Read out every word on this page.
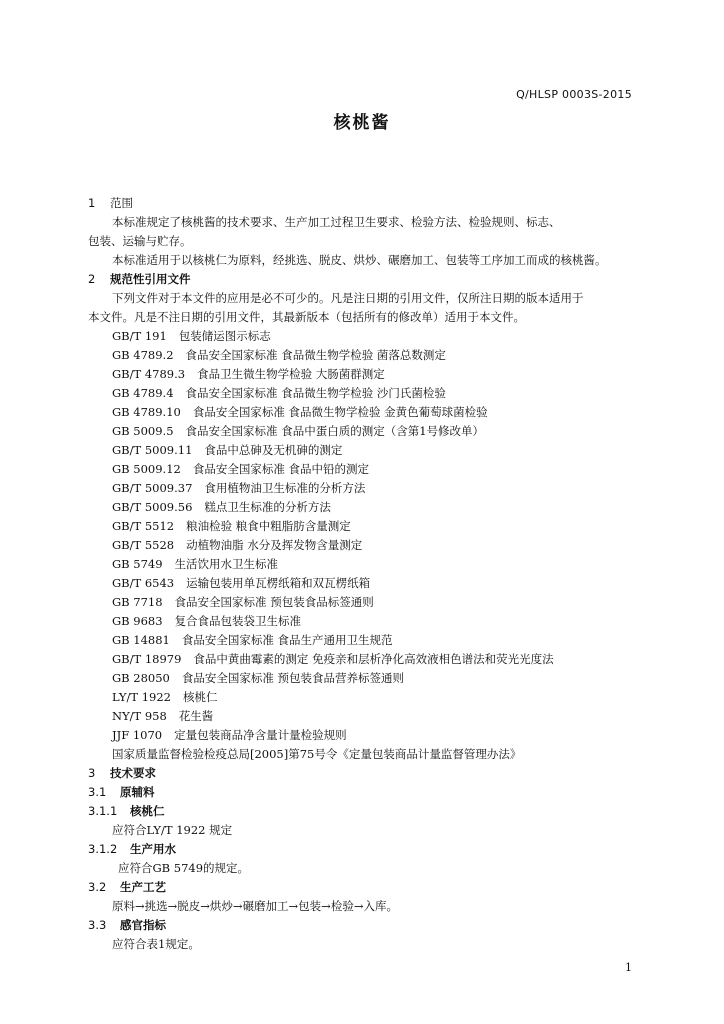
Q/HLSP 0003S-2015
核桃酱
1 范围
本标准规定了核桃酱的技术要求、生产加工过程卫生要求、检验方法、检验规则、标志、
包装、运输与贮存。
本标准适用于以核桃仁为原料，经挑选、脱皮、烘炒、碾磨加工、包装等工序加工而成的核桃酱。
2 规范性引用文件
下列文件对于本文件的应用是必不可少的。凡是注日期的引用文件，仅所注日期的版本适用于
本文件。凡是不注日期的引用文件，其最新版本（包括所有的修改单）适用于本文件。
GB/T 191 包装储运图示标志
GB 4789.2 食品安全国家标准 食品微生物学检验 菌落总数测定
GB/T 4789.3 食品卫生微生物学检验 大肠菌群测定
GB 4789.4 食品安全国家标准 食品微生物学检验 沙门氏菌检验
GB 4789.10 食品安全国家标准 食品微生物学检验 金黄色葡萄球菌检验
GB 5009.5 食品安全国家标准 食品中蛋白质的测定（含第1号修改单）
GB/T 5009.11 食品中总砷及无机砷的测定
GB 5009.12 食品安全国家标准 食品中铅的测定
GB/T 5009.37 食用植物油卫生标准的分析方法
GB/T 5009.56 糕点卫生标准的分析方法
GB/T 5512 粮油检验 粮食中粗脂肪含量测定
GB/T 5528 动植物油脂 水分及挥发物含量测定
GB 5749 生活饮用水卫生标准
GB/T 6543 运输包装用单瓦楞纸箱和双瓦楞纸箱
GB 7718 食品安全国家标准 预包装食品标签通则
GB 9683 复合食品包装袋卫生标准
GB 14881 食品安全国家标准 食品生产通用卫生规范
GB/T 18979 食品中黄曲霉素的测定 免疫亲和层析净化高效液相色谱法和荧光光度法
GB 28050 食品安全国家标准 预包装食品营养标签通则
LY/T 1922 核桃仁
NY/T 958 花生酱
JJF 1070 定量包装商品净含量计量检验规则
国家质量监督检验检疫总局[2005]第75号令《定量包装商品计量监督管理办法》
3 技术要求
3.1 原辅料
3.1.1 核桃仁
应符合LY/T 1922 规定
3.1.2 生产用水
应符合GB 5749的规定。
3.2 生产工艺
原料→挑选→脱皮→烘炒→碾磨加工→包装→检验→入库。
3.3 感官指标
应符合表1规定。
1
